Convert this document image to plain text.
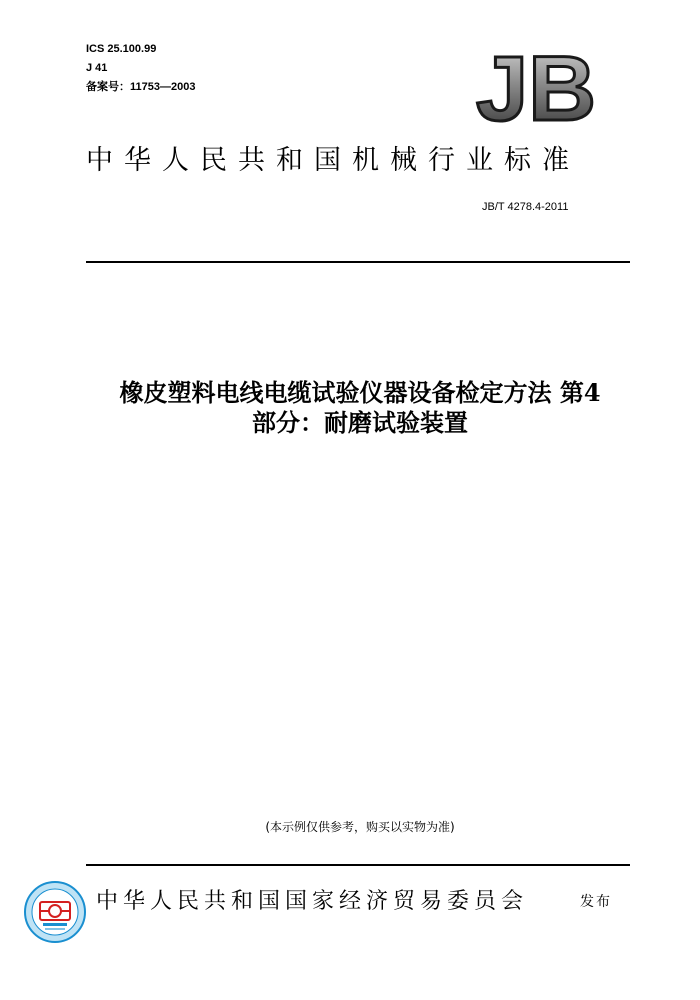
ICS 25.100.99
J 41
备案号：11753—2003	JB
中华人民共和国机械行业标准
JB/T 4278.4-2011
橡皮塑料电线电缆试验仪器设备检定方法 第4
部分：耐磨试验装置
(本示例仅供参考，购买以实物为准)
中华人民共和国国家经济贸易委员会	发布
